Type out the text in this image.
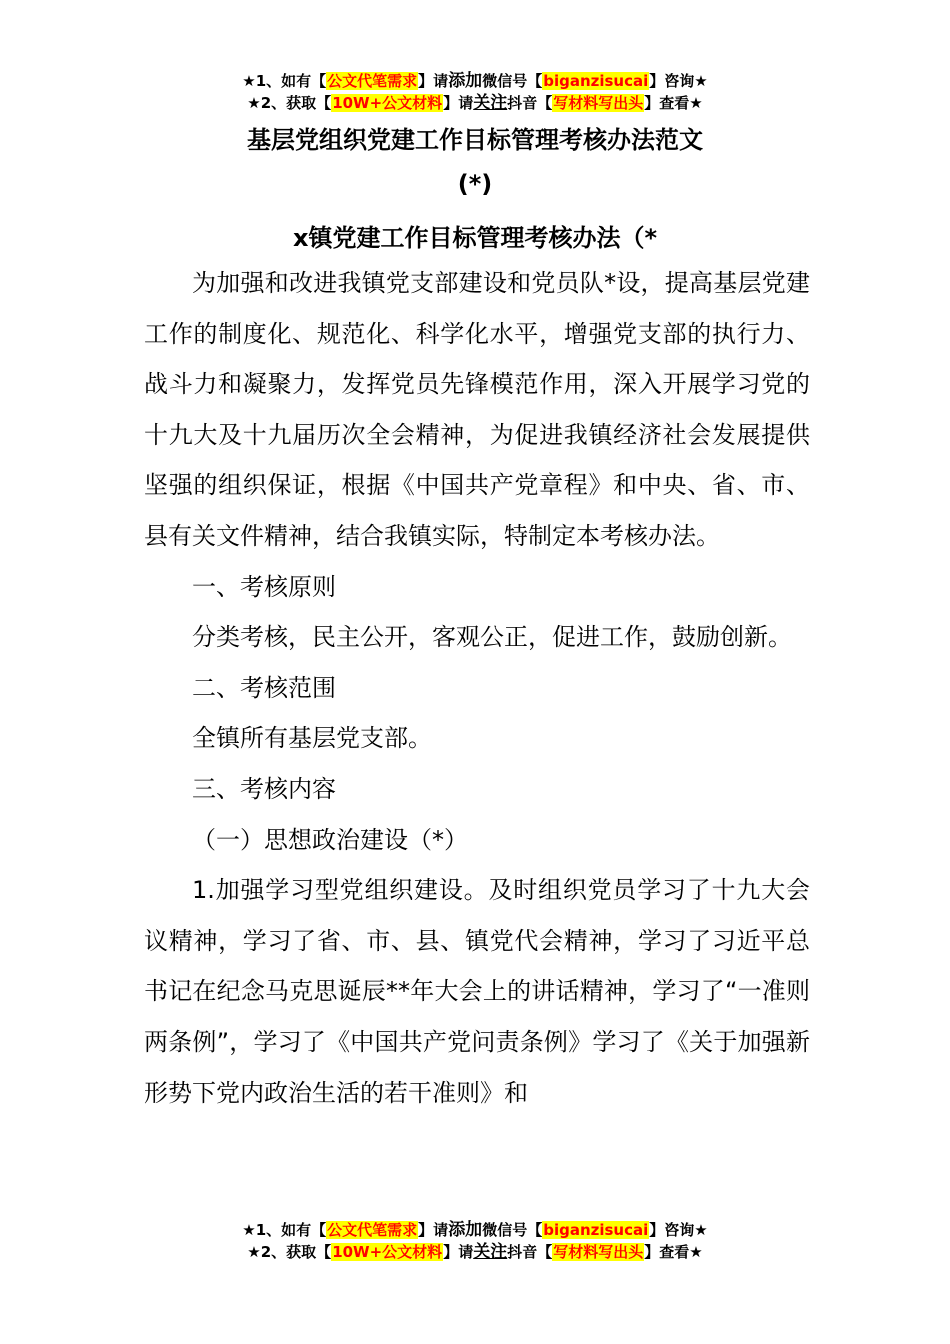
★1、如有【公文代笔需求】请添加微信号【biganzisucai】咨询★
★2、获取【10W+公文材料】请关注抖音【写材料写出头】查看★
基层党组织党建工作目标管理考核办法范文
(*)
x镇党建工作目标管理考核办法（*

为加强和改进我镇党支部建设和党员队*设，提高基层党建工作的制度化、规范化、科学化水平，增强党支部的执行力、战斗力和凝聚力，发挥党员先锋模范作用，深入开展学习党的十九大及十九届历次全会精神，为促进我镇经济社会发展提供坚强的组织保证，根据《中国共产党章程》和中央、省、市、县有关文件精神，结合我镇实际，特制定本考核办法。

一、考核原则

分类考核，民主公开，客观公正，促进工作，鼓励创新。

二、考核范围

全镇所有基层党支部。

三、考核内容

（一）思想政治建设（*）

1.加强学习型党组织建设。及时组织党员学习了十九大会议精神，学习了省、市、县、镇党代会精神，学习了习近平总书记在纪念马克思诞辰**年大会上的讲话精神，学习了“一准则两条例”，学习了《中国共产党问责条例》学习了《关于加强新形势下党内政治生活的若干准则》和

★1、如有【公文代笔需求】请添加微信号【biganzisucai】咨询★
★2、获取【10W+公文材料】请关注抖音【写材料写出头】查看★
